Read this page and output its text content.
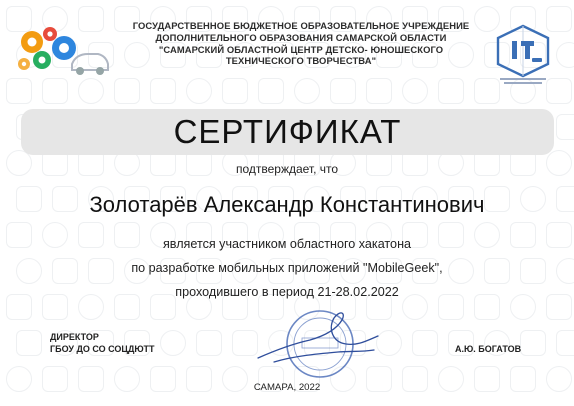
ГОСУДАРСТВЕННОЕ БЮДЖЕТНОЕ ОБРАЗОВАТЕЛЬНОЕ УЧРЕЖДЕНИЕ
ДОПОЛНИТЕЛЬНОГО ОБРАЗОВАНИЯ САМАРСКОЙ ОБЛАСТИ
"САМАРСКИЙ ОБЛАСТНОЙ ЦЕНТР ДЕТСКО- ЮНОШЕСКОГО
ТЕХНИЧЕСКОГО ТВОРЧЕСТВА"
СЕРТИФИКАТ
подтверждает, что
Золотарёв Александр Константинович
является участником областного хакатона
по разработке мобильных приложений "MobileGeek",
проходившего в период 21-28.02.2022
ДИРЕКТОР
ГБОУ ДО СО СОЦДЮТТ	А.Ю. БОГАТОВ
САМАРА, 2022
